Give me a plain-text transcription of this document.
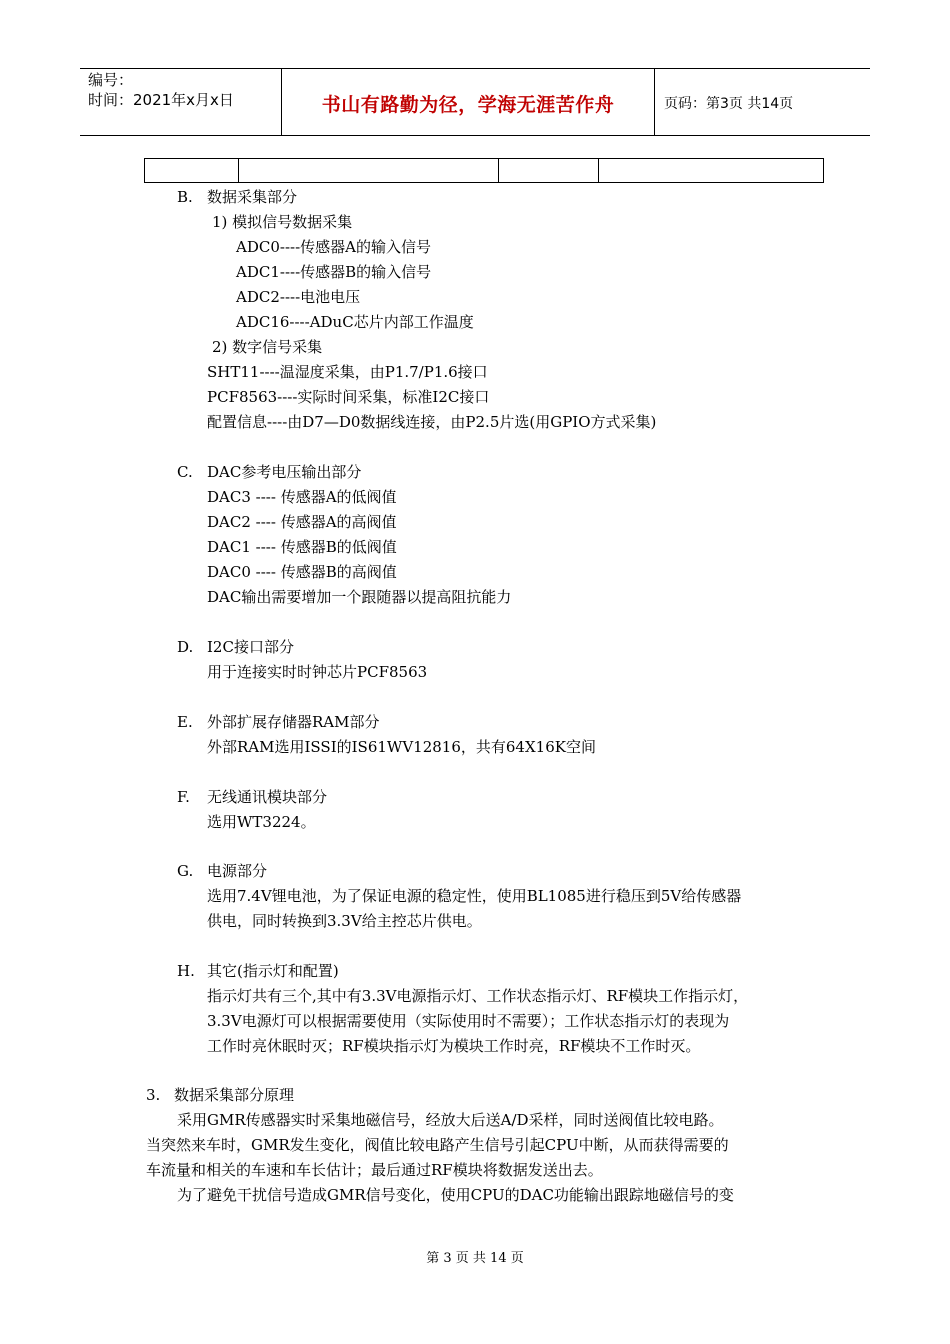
编号：
时间：2021年x月x日	书山有路勤为径，学海无涯苦作舟	页码：第3页 共14页
B. 数据采集部分
1) 模拟信号数据采集
ADC0----传感器A的输入信号
ADC1----传感器B的输入信号
ADC2----电池电压
ADC16----ADuC芯片内部工作温度
2) 数字信号采集
SHT11----温湿度采集，由P1.7/P1.6接口
PCF8563----实际时间采集，标准I2C接口
配置信息----由D7—D0数据线连接，由P2.5片选(用GPIO方式采集)
C. DAC参考电压输出部分
DAC3 ---- 传感器A的低阀值
DAC2 ---- 传感器A的高阀值
DAC1 ---- 传感器B的低阀值
DAC0 ---- 传感器B的高阀值
DAC输出需要增加一个跟随器以提高阻抗能力
D. I2C接口部分
用于连接实时时钟芯片PCF8563
E. 外部扩展存储器RAM部分
外部RAM选用ISSI的IS61WV12816，共有64X16K空间
F. 无线通讯模块部分
选用WT3224。
G. 电源部分
选用7.4V锂电池，为了保证电源的稳定性，使用BL1085进行稳压到5V给传感器
供电，同时转换到3.3V给主控芯片供电。
H. 其它(指示灯和配置)
指示灯共有三个,其中有3.3V电源指示灯、工作状态指示灯、RF模块工作指示灯，
3.3V电源灯可以根据需要使用（实际使用时不需要）；工作状态指示灯的表现为
工作时亮休眠时灭；RF模块指示灯为模块工作时亮，RF模块不工作时灭。
3. 数据采集部分原理
采用GMR传感器实时采集地磁信号，经放大后送A/D采样，同时送阀值比较电路。
当突然来车时，GMR发生变化，阀值比较电路产生信号引起CPU中断，从而获得需要的
车流量和相关的车速和车长估计；最后通过RF模块将数据发送出去。
为了避免干扰信号造成GMR信号变化，使用CPU的DAC功能输出跟踪地磁信号的变
第 3 页 共 14 页
